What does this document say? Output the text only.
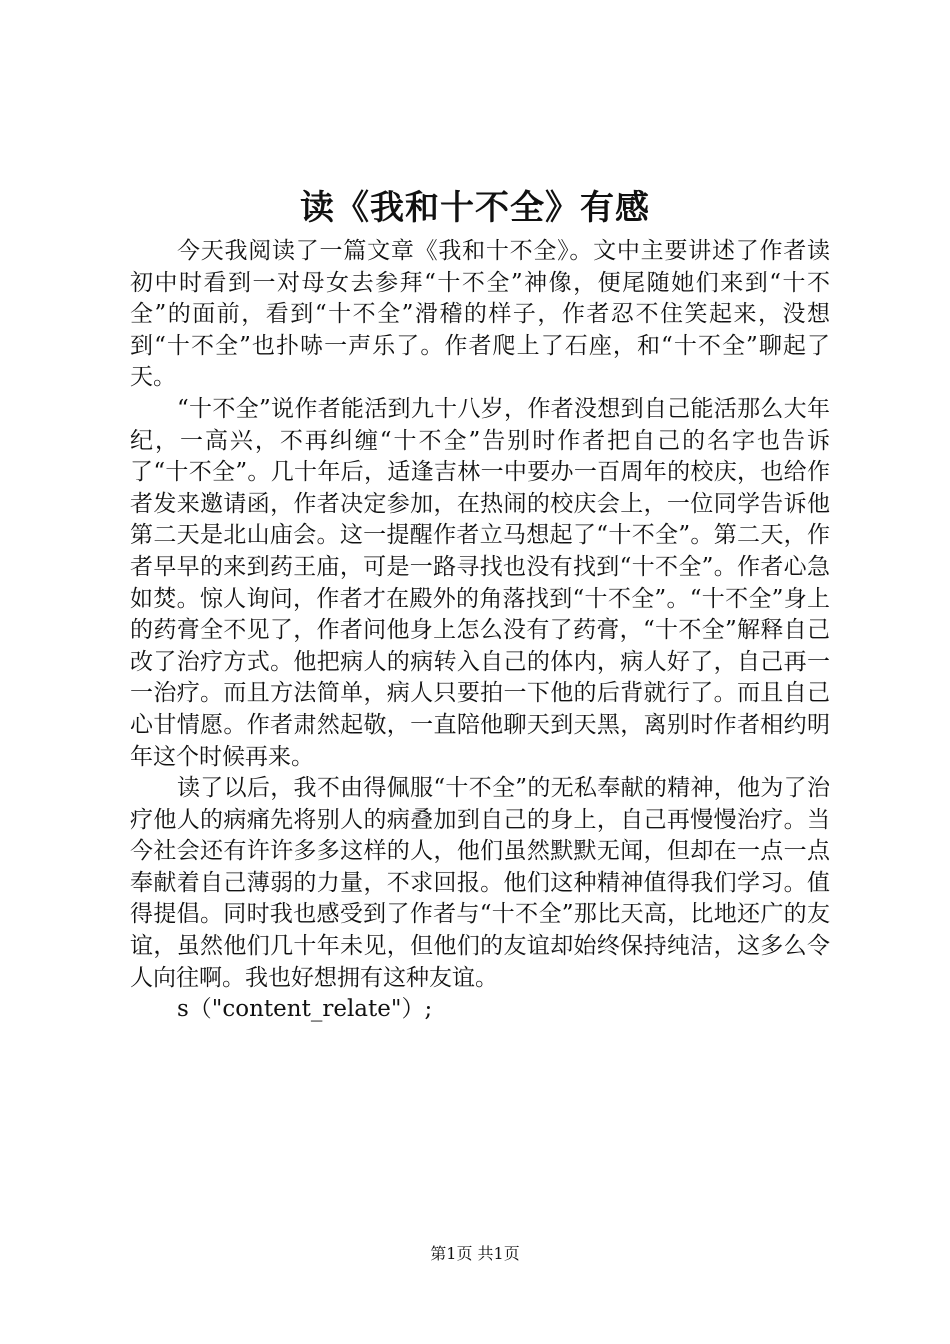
读《我和十不全》有感

今天我阅读了一篇文章《我和十不全》。文中主要讲述了作者读初中时看到一对母女去参拜“十不全”神像，便尾随她们来到“十不全”的面前，看到“十不全”滑稽的样子，作者忍不住笑起来，没想到“十不全”也扑哧一声乐了。作者爬上了石座，和“十不全”聊起了天。

“十不全”说作者能活到九十八岁，作者没想到自己能活那么大年纪，一高兴，不再纠缠“十不全”告别时作者把自己的名字也告诉了“十不全”。几十年后，适逢吉林一中要办一百周年的校庆，也给作者发来邀请函，作者决定参加，在热闹的校庆会上，一位同学告诉他第二天是北山庙会。这一提醒作者立马想起了“十不全”。第二天，作者早早的来到药王庙，可是一路寻找也没有找到“十不全”。作者心急如焚。惊人询问，作者才在殿外的角落找到“十不全”。“十不全”身上的药膏全不见了，作者问他身上怎么没有了药膏，“十不全”解释自己改了治疗方式。他把病人的病转入自己的体内，病人好了，自己再一一治疗。而且方法简单，病人只要拍一下他的后背就行了。而且自己心甘情愿。作者肃然起敬，一直陪他聊天到天黑，离别时作者相约明年这个时候再来。

读了以后，我不由得佩服“十不全”的无私奉献的精神，他为了治疗他人的病痛先将别人的病叠加到自己的身上，自己再慢慢治疗。当今社会还有许许多多这样的人，他们虽然默默无闻，但却在一点一点奉献着自己薄弱的力量，不求回报。他们这种精神值得我们学习。值得提倡。同时我也感受到了作者与“十不全”那比天高，比地还广的友谊，虽然他们几十年未见，但他们的友谊却始终保持纯洁，这多么令人向往啊。我也好想拥有这种友谊。

s（"content_relate"）;

第1页 共1页
